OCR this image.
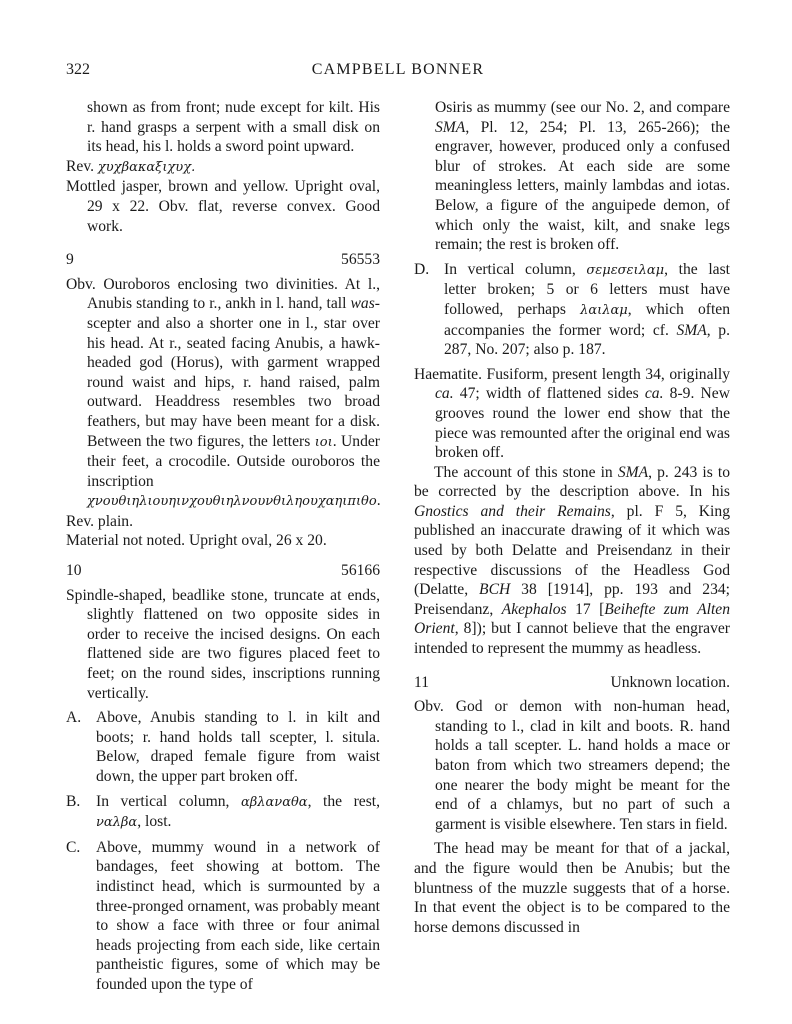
322	CAMPBELL BONNER
shown as from front; nude except for kilt. His r. hand grasps a serpent with a small disk on its head, his l. holds a sword point upward.
Rev. χυχβακαξιχυχ.
Mottled jasper, brown and yellow. Upright oval, 29 x 22. Obv. flat, reverse convex. Good work.
9	56553
Obv. Ouroboros enclosing two divinities. At l., Anubis standing to r., ankh in l. hand, tall was-scepter and also a shorter one in l., star over his head. At r., seated facing Anubis, a hawk-headed god (Horus), with garment wrapped round waist and hips, r. hand raised, palm outward. Headdress resembles two broad feathers, but may have been meant for a disk. Between the two figures, the letters ιοι. Under their feet, a crocodile. Outside ouroboros the inscription χνουθιηλιουηινχουθιηλνουνθιληουχαηιπιθο.
Rev. plain.
Material not noted. Upright oval, 26 x 20.
10	56166
Spindle-shaped, beadlike stone, truncate at ends, slightly flattened on two opposite sides in order to receive the incised designs. On each flattened side are two figures placed feet to feet; on the round sides, inscriptions running vertically.
A. Above, Anubis standing to l. in kilt and boots; r. hand holds tall scepter, l. situla. Below, draped female figure from waist down, the upper part broken off.
B. In vertical column, αβλαναθα, the rest, ναλβα, lost.
C. Above, mummy wound in a network of bandages, feet showing at bottom. The indistinct head, which is surmounted by a three-pronged ornament, was probably meant to show a face with three or four animal heads projecting from each side, like certain pantheistic figures, some of which may be founded upon the type of
Osiris as mummy (see our No. 2, and compare SMA, Pl. 12, 254; Pl. 13, 265-266); the engraver, however, produced only a confused blur of strokes. At each side are some meaningless letters, mainly lambdas and iotas. Below, a figure of the anguipede demon, of which only the waist, kilt, and snake legs remain; the rest is broken off.
D. In vertical column, σεμεσειλαμ, the last letter broken; 5 or 6 letters must have followed, perhaps λαιλαμ, which often accompanies the former word; cf. SMA, p. 287, No. 207; also p. 187.
Haematite. Fusiform, present length 34, originally ca. 47; width of flattened sides ca. 8-9. New grooves round the lower end show that the piece was remounted after the original end was broken off.
The account of this stone in SMA, p. 243 is to be corrected by the description above. In his Gnostics and their Remains, pl. F 5, King published an inaccurate drawing of it which was used by both Delatte and Preisendanz in their respective discussions of the Headless God (Delatte, BCH 38 [1914], pp. 193 and 234; Preisendanz, Akephalos 17 [Beihefte zum Alten Orient, 8]); but I cannot believe that the engraver intended to represent the mummy as headless.
11	Unknown location.
Obv. God or demon with non-human head, standing to l., clad in kilt and boots. R. hand holds a tall scepter. L. hand holds a mace or baton from which two streamers depend; the one nearer the body might be meant for the end of a chlamys, but no part of such a garment is visible elsewhere. Ten stars in field.
The head may be meant for that of a jackal, and the figure would then be Anubis; but the bluntness of the muzzle suggests that of a horse. In that event the object is to be compared to the horse demons discussed in
